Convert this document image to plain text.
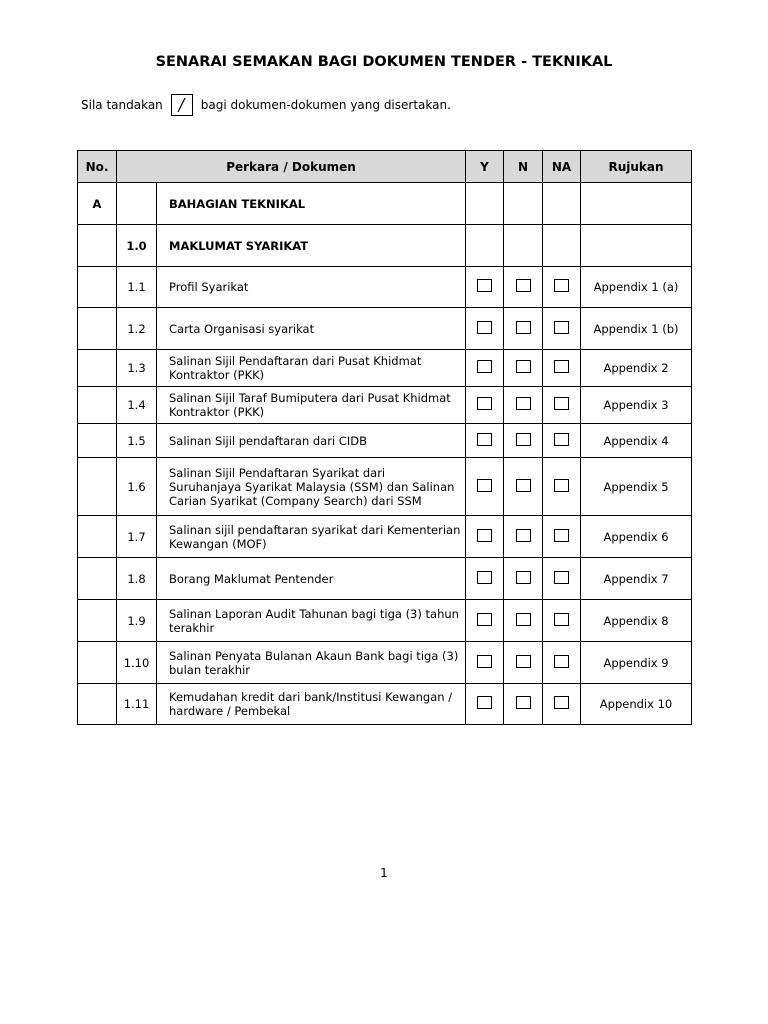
SENARAI SEMAKAN BAGI DOKUMEN TENDER - TEKNIKAL
Sila tandakan	bagi dokumen-dokumen yang disertakan.
No.	Perkara / Dokumen		Y	N	NA	Rujukan
A		BAHAGIAN TEKNIKAL				
	1.0	MAKLUMAT SYARIKAT				
	1.1	Profil Syarikat				Appendix 1 (a)
	1.2	Carta Organisasi syarikat				Appendix 1 (b)
	1.3	Salinan Sijil Pendaftaran dari Pusat Khidmat Kontraktor (PKK)				Appendix 2
	1.4	Salinan Sijil Taraf Bumiputera dari Pusat Khidmat Kontraktor (PKK)				Appendix 3
	1.5	Salinan Sijil pendaftaran dari CIDB				Appendix 4
	1.6	Salinan Sijil Pendaftaran Syarikat dari Suruhanjaya Syarikat Malaysia (SSM) dan Salinan Carian Syarikat (Company Search) dari SSM				Appendix 5
	1.7	Salinan sijil pendaftaran syarikat dari Kementerian Kewangan (MOF)				Appendix 6
	1.8	Borang Maklumat Pentender				Appendix 7
	1.9	Salinan Laporan Audit Tahunan bagi tiga (3) tahun terakhir				Appendix 8
	1.10	Salinan Penyata Bulanan Akaun Bank bagi tiga (3) bulan terakhir				Appendix 9
	1.11	Kemudahan kredit dari bank/Institusi Kewangan / hardware / Pembekal				Appendix 10
1
